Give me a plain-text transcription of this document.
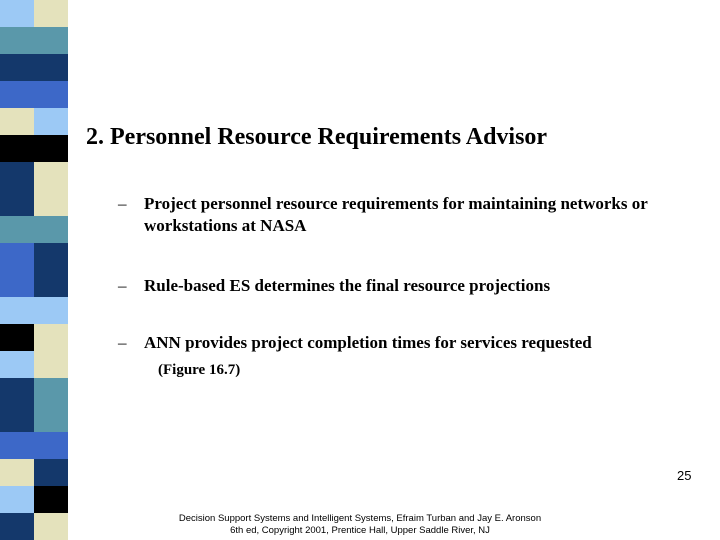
2. Personnel Resource Requirements Advisor
– Project personnel resource requirements for maintaining networks or workstations at NASA
– Rule-based ES determines the final resource projections
– ANN provides project completion times for services requested
(Figure 16.7)
25
Decision Support Systems and Intelligent Systems, Efraim Turban and Jay E. Aronson
6th ed, Copyright 2001, Prentice Hall, Upper Saddle River, NJ
